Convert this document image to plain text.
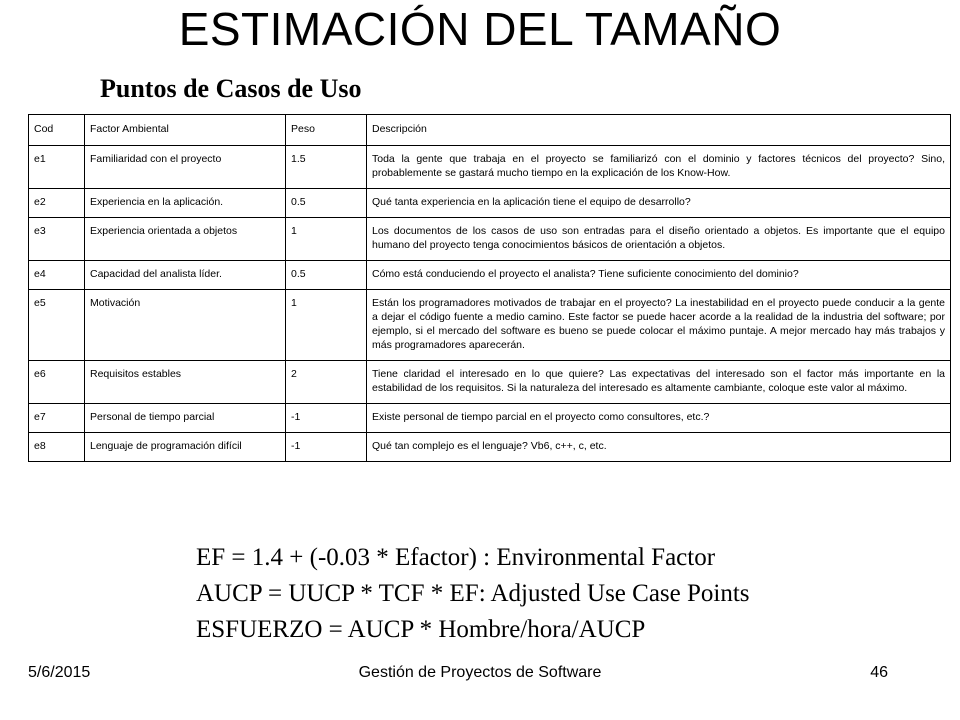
ESTIMACIÓN DEL TAMAÑO
Puntos de Casos de Uso
Cod	Factor Ambiental	Peso	Descripción
e1	Familiaridad con el proyecto	1.5	Toda la gente que trabaja en el proyecto se familiarizó con el dominio y factores técnicos del proyecto? Sino, probablemente se gastará mucho tiempo en la explicación de los Know-How.
e2	Experiencia en la aplicación.	0.5	Qué tanta experiencia en la aplicación tiene el equipo de desarrollo?
e3	Experiencia orientada a objetos	1	Los documentos de los casos de uso son entradas para el diseño orientado a objetos. Es importante que el equipo humano del proyecto tenga conocimientos básicos de orientación a objetos.
e4	Capacidad del analista líder.	0.5	Cómo está conduciendo el proyecto el analista? Tiene suficiente conocimiento del dominio?
e5	Motivación	1	Están los programadores motivados de trabajar en el proyecto? La inestabilidad en el proyecto puede conducir a la gente a dejar el código fuente a medio camino. Este factor se puede hacer acorde a la realidad de la industria del software; por ejemplo, si el mercado del software es bueno se puede colocar el máximo puntaje. A mejor mercado hay más trabajos y más programadores aparecerán.
e6	Requisitos estables	2	Tiene claridad el interesado en lo que quiere? Las expectativas del interesado son el factor más importante en la estabilidad de los requisitos. Si la naturaleza del interesado es altamente cambiante, coloque este valor al máximo.
e7	Personal de tiempo parcial	-1	Existe personal de tiempo parcial en el proyecto como consultores, etc.?
e8	Lenguaje de programación difícil	-1	Qué tan complejo es el lenguaje? Vb6, c++, c, etc.
EF = 1.4 + (-0.03 * Efactor) : Environmental Factor
AUCP = UUCP * TCF * EF: Adjusted Use Case Points
ESFUERZO = AUCP * Hombre/hora/AUCP
5/6/2015	Gestión de Proyectos de Software	46
